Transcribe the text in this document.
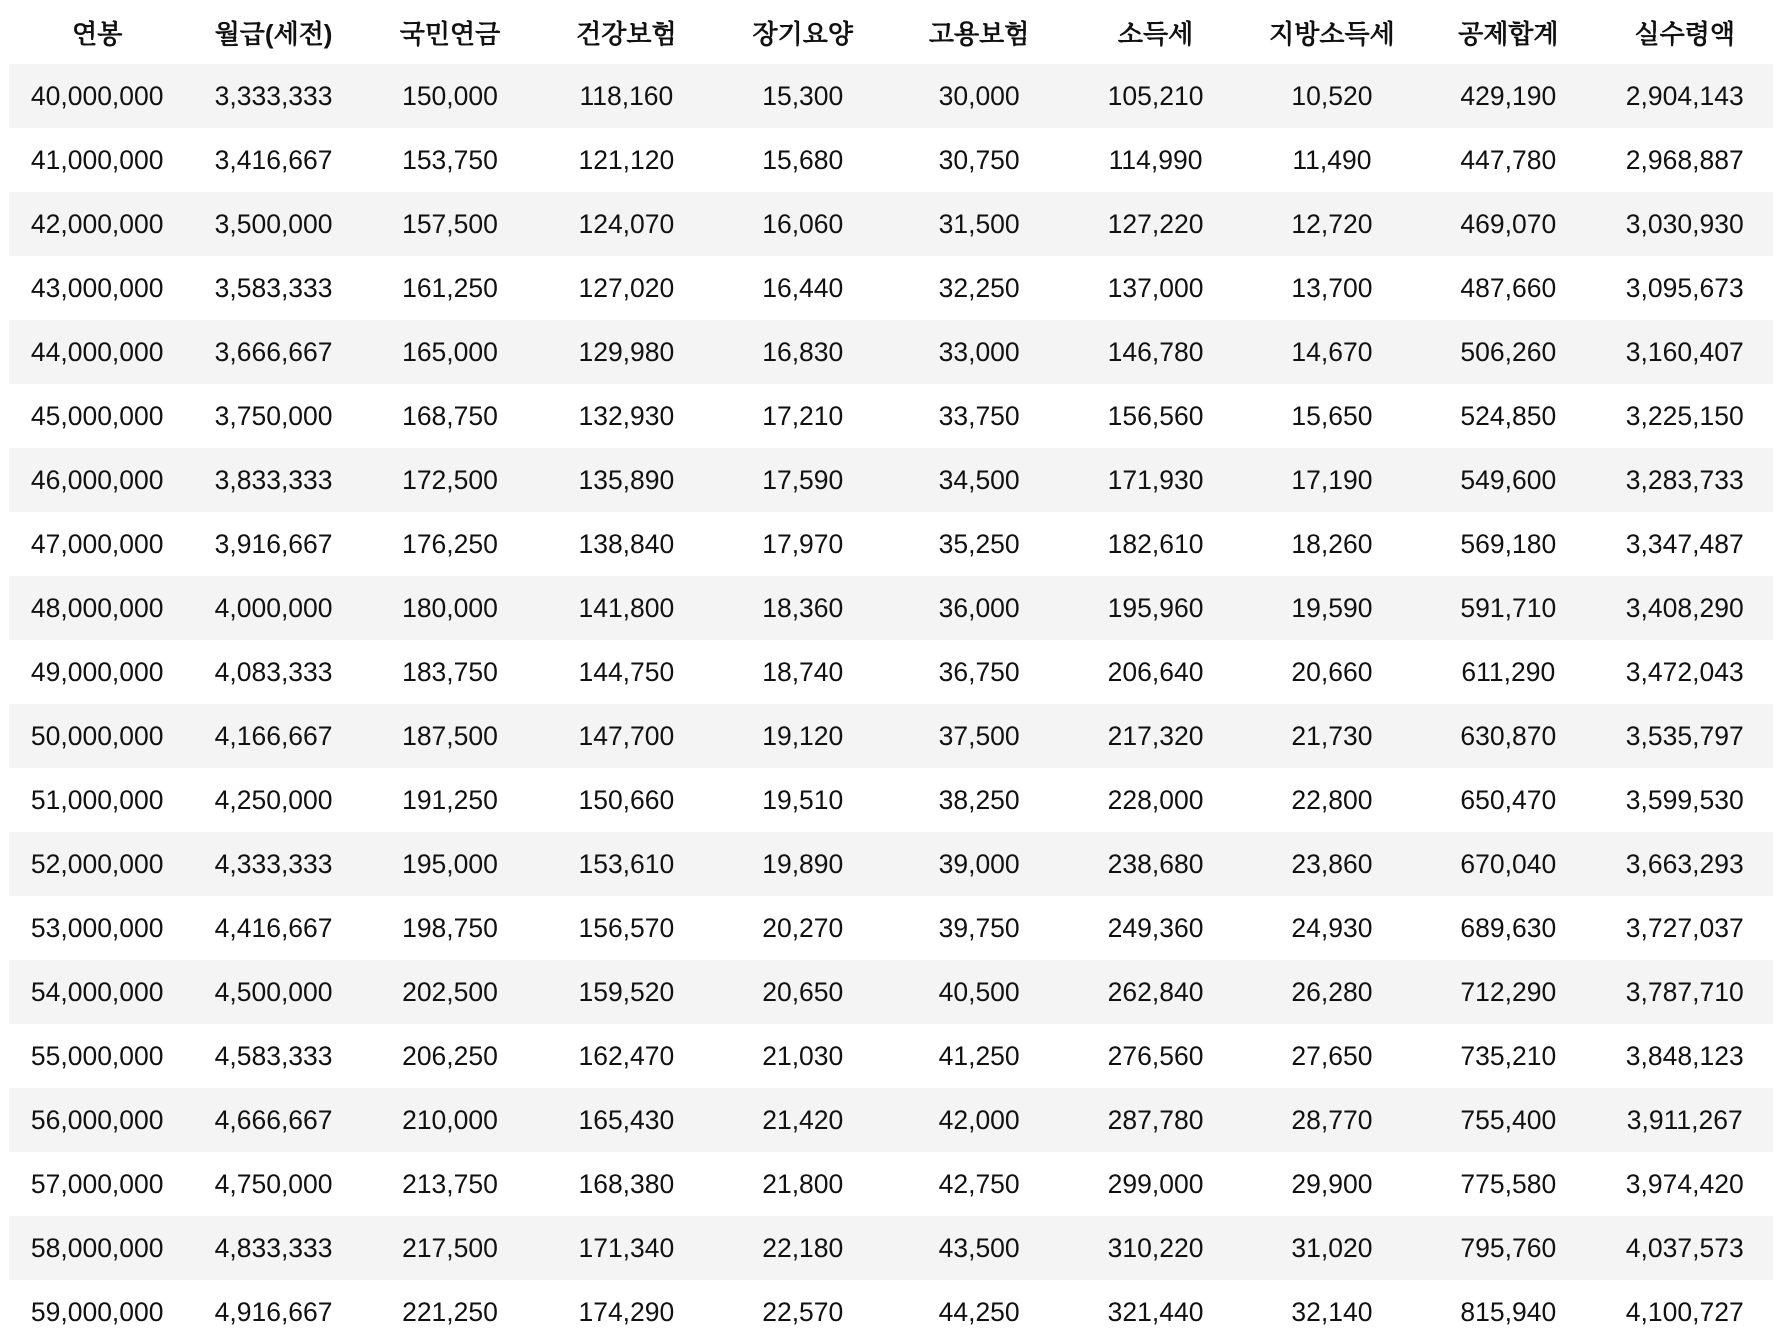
연봉	월급(세전)	국민연금	건강보험	장기요양	고용보험	소득세	지방소득세	공제합계	실수령액
40,000,000	3,333,333	150,000	118,160	15,300	30,000	105,210	10,520	429,190	2,904,143
41,000,000	3,416,667	153,750	121,120	15,680	30,750	114,990	11,490	447,780	2,968,887
42,000,000	3,500,000	157,500	124,070	16,060	31,500	127,220	12,720	469,070	3,030,930
43,000,000	3,583,333	161,250	127,020	16,440	32,250	137,000	13,700	487,660	3,095,673
44,000,000	3,666,667	165,000	129,980	16,830	33,000	146,780	14,670	506,260	3,160,407
45,000,000	3,750,000	168,750	132,930	17,210	33,750	156,560	15,650	524,850	3,225,150
46,000,000	3,833,333	172,500	135,890	17,590	34,500	171,930	17,190	549,600	3,283,733
47,000,000	3,916,667	176,250	138,840	17,970	35,250	182,610	18,260	569,180	3,347,487
48,000,000	4,000,000	180,000	141,800	18,360	36,000	195,960	19,590	591,710	3,408,290
49,000,000	4,083,333	183,750	144,750	18,740	36,750	206,640	20,660	611,290	3,472,043
50,000,000	4,166,667	187,500	147,700	19,120	37,500	217,320	21,730	630,870	3,535,797
51,000,000	4,250,000	191,250	150,660	19,510	38,250	228,000	22,800	650,470	3,599,530
52,000,000	4,333,333	195,000	153,610	19,890	39,000	238,680	23,860	670,040	3,663,293
53,000,000	4,416,667	198,750	156,570	20,270	39,750	249,360	24,930	689,630	3,727,037
54,000,000	4,500,000	202,500	159,520	20,650	40,500	262,840	26,280	712,290	3,787,710
55,000,000	4,583,333	206,250	162,470	21,030	41,250	276,560	27,650	735,210	3,848,123
56,000,000	4,666,667	210,000	165,430	21,420	42,000	287,780	28,770	755,400	3,911,267
57,000,000	4,750,000	213,750	168,380	21,800	42,750	299,000	29,900	775,580	3,974,420
58,000,000	4,833,333	217,500	171,340	22,180	43,500	310,220	31,020	795,760	4,037,573
59,000,000	4,916,667	221,250	174,290	22,570	44,250	321,440	32,140	815,940	4,100,727
